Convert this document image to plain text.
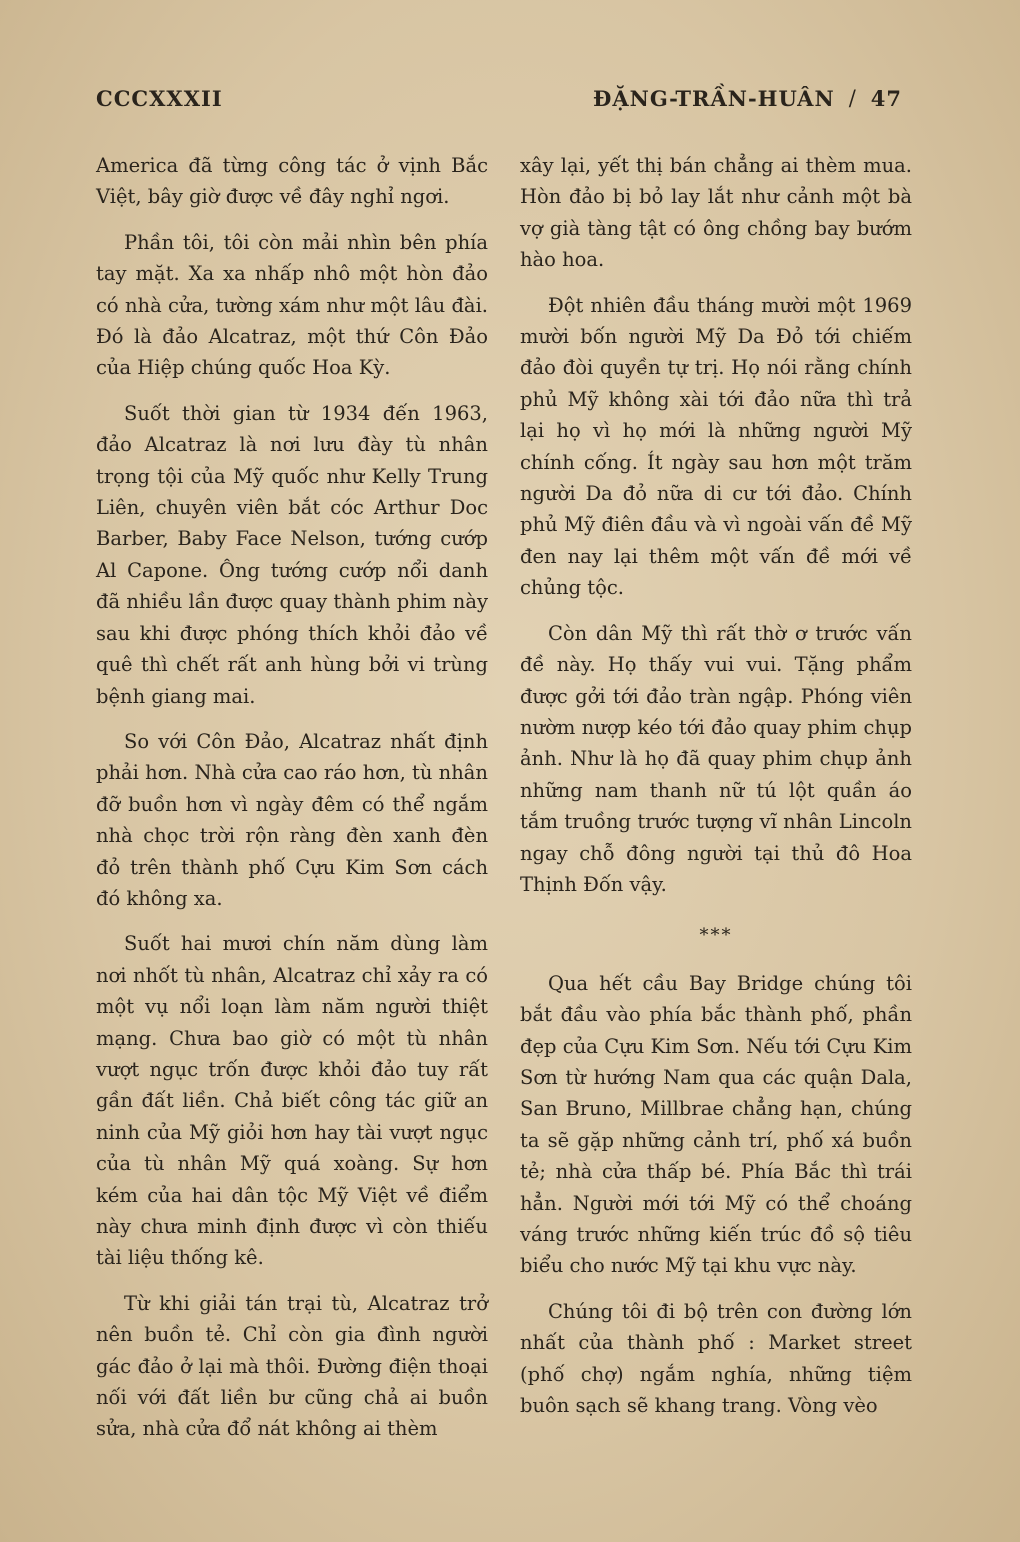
CCCXXXII	ĐẶNG-TRẦN-HUÂN / 47

America đã từng công tác ở vịnh Bắc Việt, bây giờ được về đây nghỉ ngơi.

Phần tôi, tôi còn mải nhìn bên phía tay mặt. Xa xa nhấp nhô một hòn đảo có nhà cửa, tường xám như một lâu đài. Đó là đảo Alcatraz, một thứ Côn Đảo của Hiệp chúng quốc Hoa Kỳ.

Suốt thời gian từ 1934 đến 1963, đảo Alcatraz là nơi lưu đày tù nhân trọng tội của Mỹ quốc như Kelly Trung Liên, chuyên viên bắt cóc Arthur Doc Barber, Baby Face Nelson, tướng cướp Al Capone. Ông tướng cướp nổi danh đã nhiều lần được quay thành phim này sau khi được phóng thích khỏi đảo về quê thì chết rất anh hùng bởi vi trùng bệnh giang mai.

So với Côn Đảo, Alcatraz nhất định phải hơn. Nhà cửa cao ráo hơn, tù nhân đỡ buồn hơn vì ngày đêm có thể ngắm nhà chọc trời rộn ràng đèn xanh đèn đỏ trên thành phố Cựu Kim Sơn cách đó không xa.

Suốt hai mươi chín năm dùng làm nơi nhốt tù nhân, Alcatraz chỉ xảy ra có một vụ nổi loạn làm năm người thiệt mạng. Chưa bao giờ có một tù nhân vượt ngục trốn được khỏi đảo tuy rất gần đất liền. Chả biết công tác giữ an ninh của Mỹ giỏi hơn hay tài vượt ngục của tù nhân Mỹ quá xoàng. Sự hơn kém của hai dân tộc Mỹ Việt về điểm này chưa minh định được vì còn thiếu tài liệu thống kê.

Từ khi giải tán trại tù, Alcatraz trở nên buồn tẻ. Chỉ còn gia đình người gác đảo ở lại mà thôi. Đường điện thoại nối với đất liền bư cũng chả ai buồn sửa, nhà cửa đổ nát không ai thèm

xây lại, yết thị bán chẳng ai thèm mua. Hòn đảo bị bỏ lay lắt như cảnh một bà vợ già tàng tật có ông chồng bay bướm hào hoa.

Đột nhiên đầu tháng mười một 1969 mười bốn người Mỹ Da Đỏ tới chiếm đảo đòi quyền tự trị. Họ nói rằng chính phủ Mỹ không xài tới đảo nữa thì trả lại họ vì họ mới là những người Mỹ chính cống. Ít ngày sau hơn một trăm người Da đỏ nữa di cư tới đảo. Chính phủ Mỹ điên đầu và vì ngoài vấn đề Mỹ đen nay lại thêm một vấn đề mới về chủng tộc.

Còn dân Mỹ thì rất thờ ơ trước vấn đề này. Họ thấy vui vui. Tặng phẩm được gởi tới đảo tràn ngập. Phóng viên nườm nượp kéo tới đảo quay phim chụp ảnh. Như là họ đã quay phim chụp ảnh những nam thanh nữ tú lột quần áo tắm truồng trước tượng vĩ nhân Lincoln ngay chỗ đông người tại thủ đô Hoa Thịnh Đốn vậy.

⁎⁎⁎

Qua hết cầu Bay Bridge chúng tôi bắt đầu vào phía bắc thành phố, phần đẹp của Cựu Kim Sơn. Nếu tới Cựu Kim Sơn từ hướng Nam qua các quận Dala, San Bruno, Millbrae chẳng hạn, chúng ta sẽ gặp những cảnh trí, phố xá buồn tẻ; nhà cửa thấp bé. Phía Bắc thì trái hẳn. Người mới tới Mỹ có thể choáng váng trước những kiến trúc đồ sộ tiêu biểu cho nước Mỹ tại khu vực này.

Chúng tôi đi bộ trên con đường lớn nhất của thành phố : Market street (phố chợ) ngắm nghía, những tiệm buôn sạch sẽ khang trang. Vòng vèo
